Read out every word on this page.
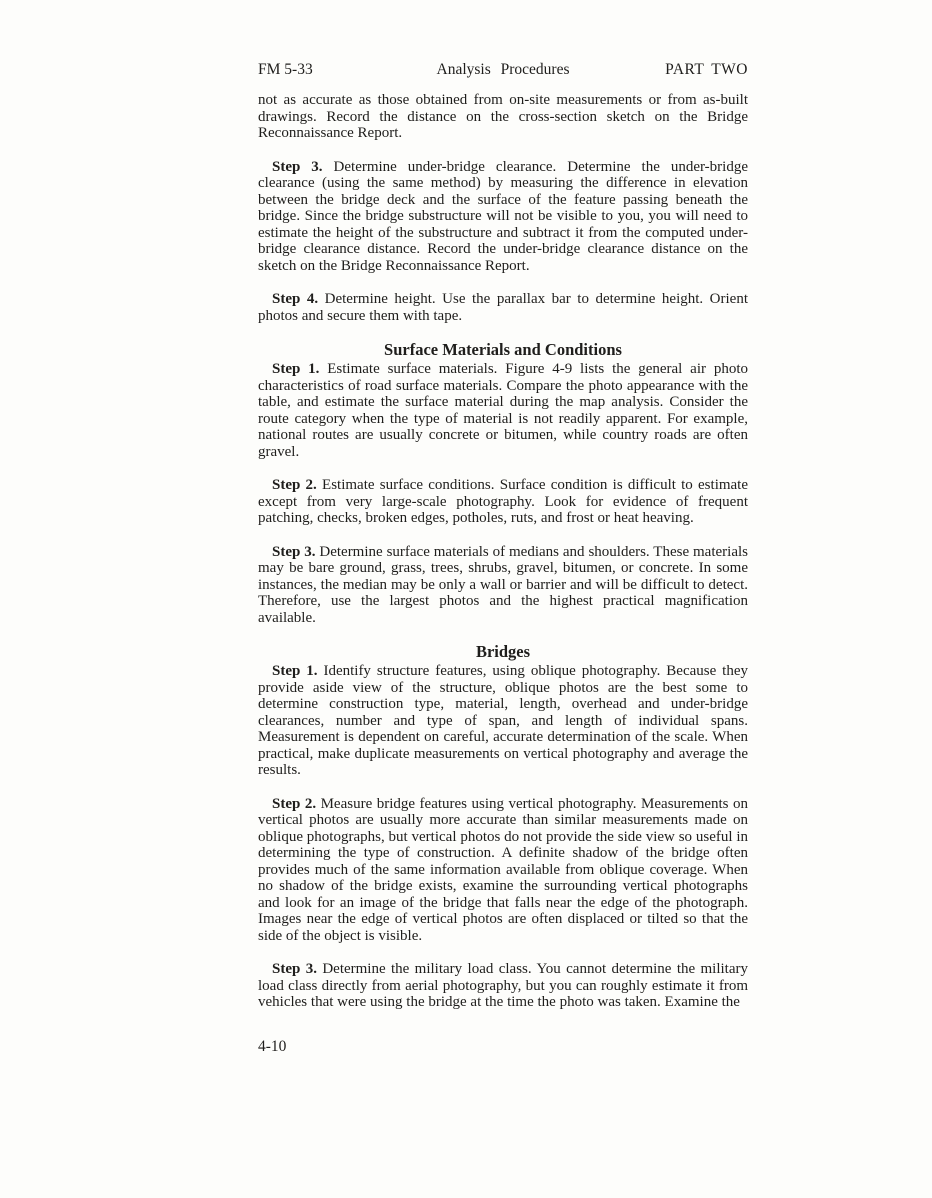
FM 5-33	Analysis Procedures	PART TWO

not as accurate as those obtained from on-site measurements or from as-built drawings. Record the distance on the cross-section sketch on the Bridge Reconnaissance Report.

Step 3. Determine under-bridge clearance. Determine the under-bridge clearance (using the same method) by measuring the difference in elevation between the bridge deck and the surface of the feature passing beneath the bridge. Since the bridge substructure will not be visible to you, you will need to estimate the height of the substructure and subtract it from the computed under-bridge clearance distance. Record the under-bridge clearance distance on the sketch on the Bridge Reconnaissance Report.

Step 4. Determine height. Use the parallax bar to determine height. Orient photos and secure them with tape.

Surface Materials and Conditions

Step 1. Estimate surface materials. Figure 4-9 lists the general air photo characteristics of road surface materials. Compare the photo appearance with the table, and estimate the surface material during the map analysis. Consider the route category when the type of material is not readily apparent. For example, national routes are usually concrete or bitumen, while country roads are often gravel.

Step 2. Estimate surface conditions. Surface condition is difficult to estimate except from very large-scale photography. Look for evidence of frequent patching, checks, broken edges, potholes, ruts, and frost or heat heaving.

Step 3. Determine surface materials of medians and shoulders. These materials may be bare ground, grass, trees, shrubs, gravel, bitumen, or concrete. In some instances, the median may be only a wall or barrier and will be difficult to detect. Therefore, use the largest photos and the highest practical magnification available.

Bridges

Step 1. Identify structure features, using oblique photography. Because they provide aside view of the structure, oblique photos are the best some to determine construction type, material, length, overhead and under-bridge clearances, number and type of span, and length of individual spans. Measurement is dependent on careful, accurate determination of the scale. When practical, make duplicate measurements on vertical photography and average the results.

Step 2. Measure bridge features using vertical photography. Measurements on vertical photos are usually more accurate than similar measurements made on oblique photographs, but vertical photos do not provide the side view so useful in determining the type of construction. A definite shadow of the bridge often provides much of the same information available from oblique coverage. When no shadow of the bridge exists, examine the surrounding vertical photographs and look for an image of the bridge that falls near the edge of the photograph. Images near the edge of vertical photos are often displaced or tilted so that the side of the object is visible.

Step 3. Determine the military load class. You cannot determine the military load class directly from aerial photography, but you can roughly estimate it from vehicles that were using the bridge at the time the photo was taken. Examine the

4-10
